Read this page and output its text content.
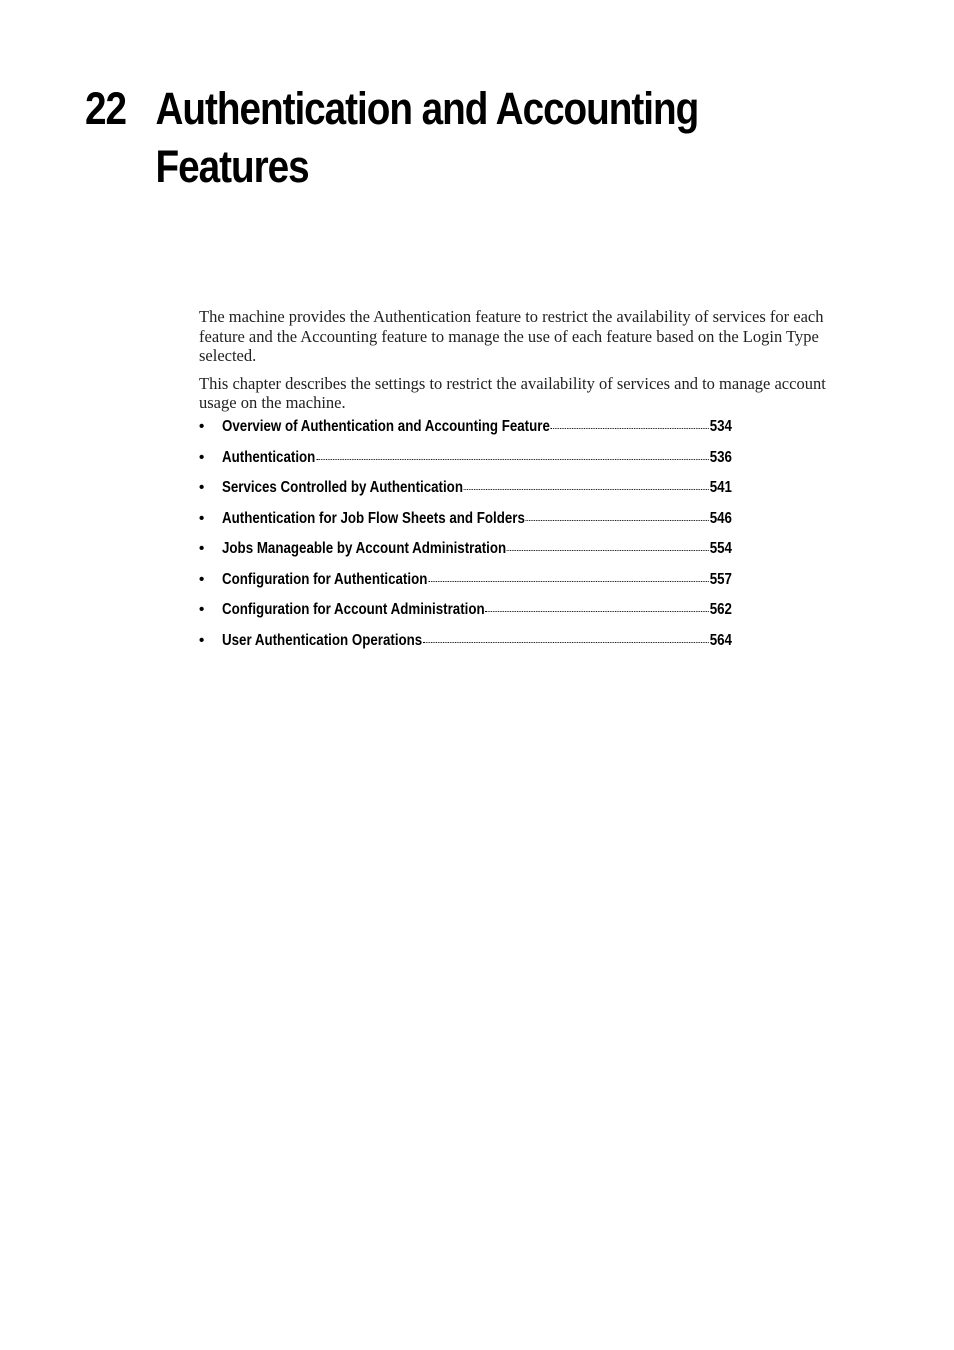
22 Authentication and Accounting Features

The machine provides the Authentication feature to restrict the availability of services for each feature and the Accounting feature to manage the use of each feature based on the Login Type selected.

This chapter describes the settings to restrict the availability of services and to manage account usage on the machine.

•	Overview of Authentication and Accounting Feature	534
•	Authentication	536
•	Services Controlled by Authentication	541
•	Authentication for Job Flow Sheets and Folders	546
•	Jobs Manageable by Account Administration	554
•	Configuration for Authentication	557
•	Configuration for Account Administration	562
•	User Authentication Operations	564
